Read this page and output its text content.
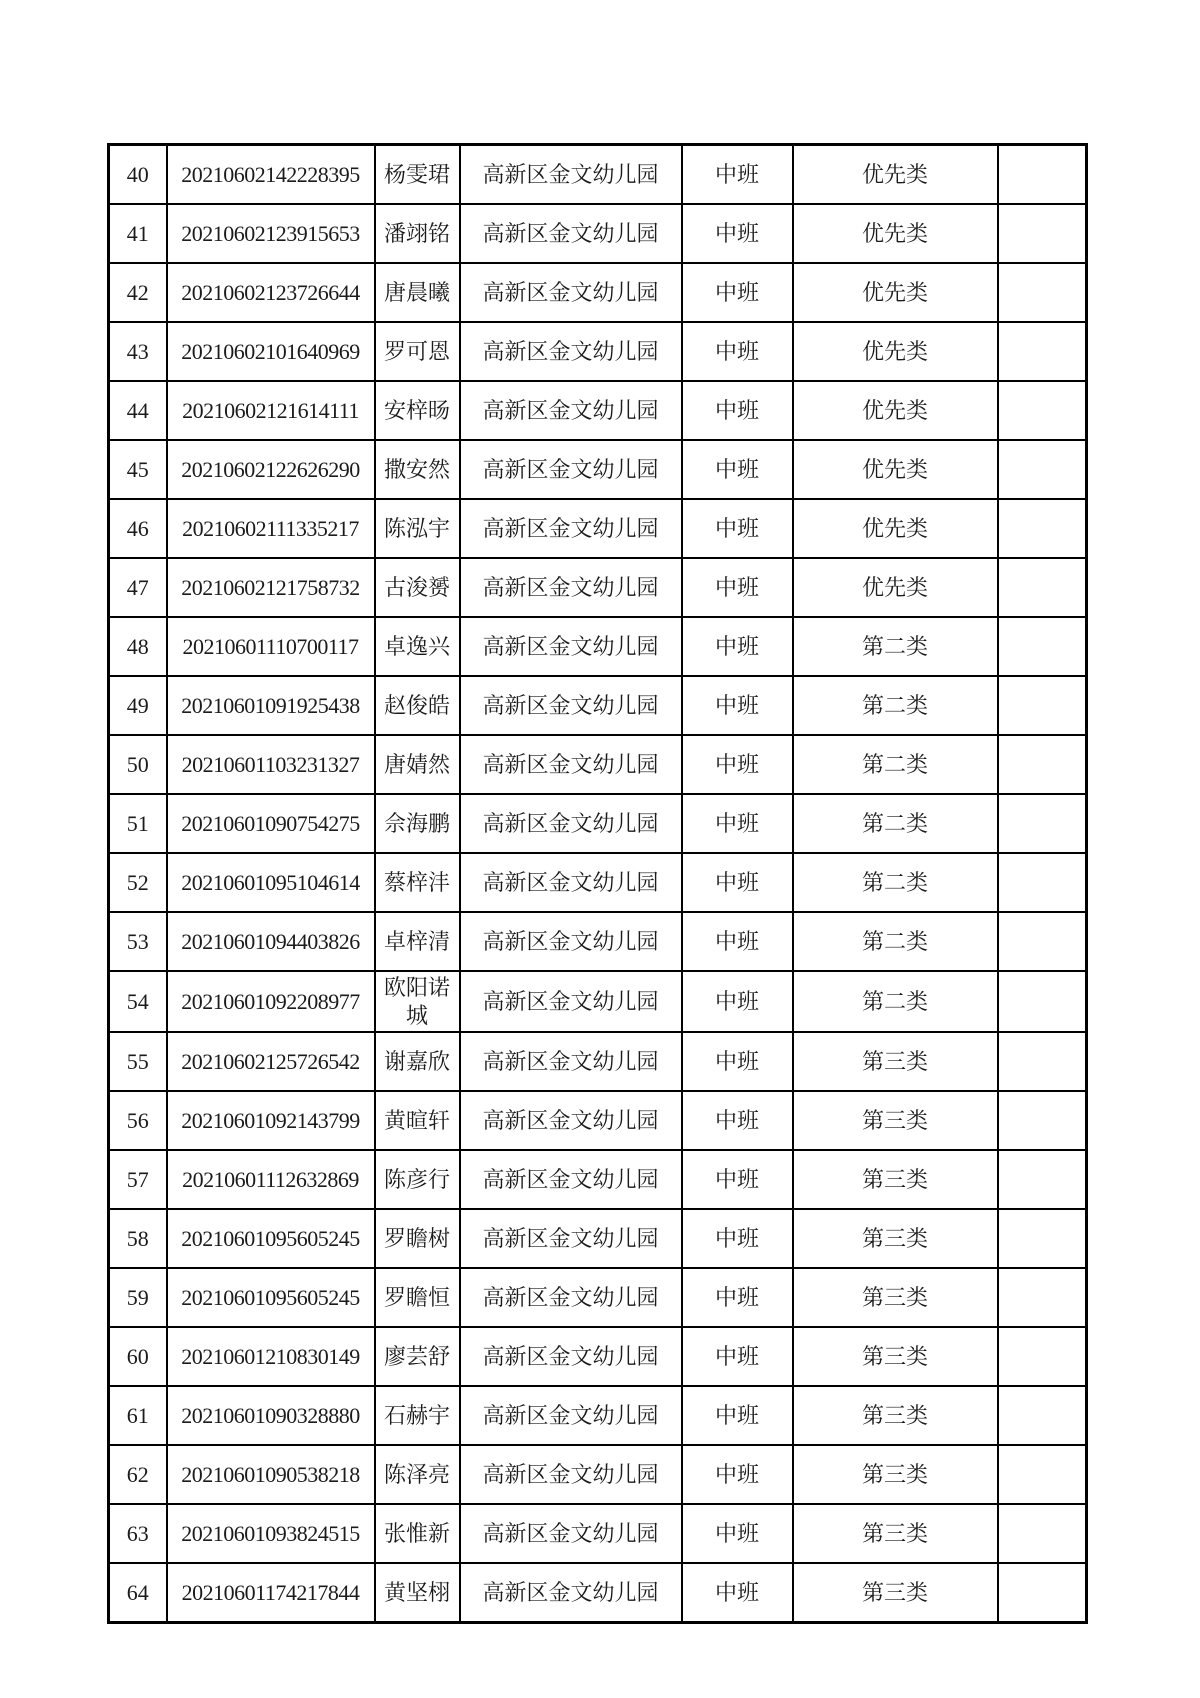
40	20210602142228395	杨雯珺	高新区金文幼儿园	中班	优先类	
41	20210602123915653	潘翊铭	高新区金文幼儿园	中班	优先类	
42	20210602123726644	唐晨曦	高新区金文幼儿园	中班	优先类	
43	20210602101640969	罗可恩	高新区金文幼儿园	中班	优先类	
44	20210602121614111	安梓旸	高新区金文幼儿园	中班	优先类	
45	20210602122626290	撒安然	高新区金文幼儿园	中班	优先类	
46	20210602111335217	陈泓宇	高新区金文幼儿园	中班	优先类	
47	20210602121758732	古浚赟	高新区金文幼儿园	中班	优先类	
48	20210601110700117	卓逸兴	高新区金文幼儿园	中班	第二类	
49	20210601091925438	赵俊皓	高新区金文幼儿园	中班	第二类	
50	20210601103231327	唐婧然	高新区金文幼儿园	中班	第二类	
51	20210601090754275	佘海鹏	高新区金文幼儿园	中班	第二类	
52	20210601095104614	蔡梓沣	高新区金文幼儿园	中班	第二类	
53	20210601094403826	卓梓清	高新区金文幼儿园	中班	第二类	
54	20210601092208977	欧阳诺城	高新区金文幼儿园	中班	第二类	
55	20210602125726542	谢嘉欣	高新区金文幼儿园	中班	第三类	
56	20210601092143799	黄暄轩	高新区金文幼儿园	中班	第三类	
57	20210601112632869	陈彦行	高新区金文幼儿园	中班	第三类	
58	20210601095605245	罗瞻树	高新区金文幼儿园	中班	第三类	
59	20210601095605245	罗瞻恒	高新区金文幼儿园	中班	第三类	
60	20210601210830149	廖芸舒	高新区金文幼儿园	中班	第三类	
61	20210601090328880	石赫宇	高新区金文幼儿园	中班	第三类	
62	20210601090538218	陈泽亮	高新区金文幼儿园	中班	第三类	
63	20210601093824515	张惟新	高新区金文幼儿园	中班	第三类	
64	20210601174217844	黄坚栩	高新区金文幼儿园	中班	第三类	
